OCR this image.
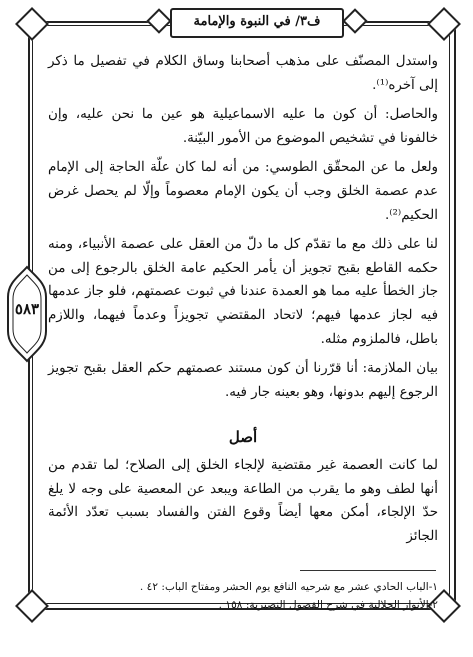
ف٣/ في النبوة والإمامة
٥٨٣

واستدل المصنّف على مذهب أصحابنا وساق الكلام في تفصيل ما ذكر إلى آخره⁽¹⁾.

والحاصل: أن كون ما عليه الاسماعيلية هو عين ما نحن عليه، وإن خالفونا في تشخيص الموضوع من الأمور البيّنة.

ولعل ما عن المحقّق الطوسي: من أنه لما كان علّة الحاجة إلى الإمام عدم عصمة الخلق وجب أن يكون الإمام معصوماً وإلّا لم يحصل غرض الحكيم⁽²⁾.

لنا على ذلك مع ما تقدّم كل ما دلّ من العقل على عصمة الأنبياء، ومنه حكمه القاطع بقبح تجويز أن يأمر الحكيم عامة الخلق بالرجوع إلى من جاز الخطأ عليه مما هو العمدة عندنا في ثبوت عصمتهم، فلو جاز عدمها فيه لجاز عدمها فيهم؛ لاتحاد المقتضي تجويزاً وعدماً فيهما، واللازم باطل، فالملزوم مثله.

بيان الملازمة: أنا قرّرنا أن كون مستند عصمتهم حكم العقل بقبح تجويز الرجوع إليهم بدونها، وهو بعينه جار فيه.

أصل

لما كانت العصمة غير مقتضية لإلجاء الخلق إلى الصلاح؛ لما تقدم من أنها لطف وهو ما يقرب من الطاعة ويبعد عن المعصية على وجه لا يلغ حدّ الإلجاء، أمكن معها أيضاً وقوع الفتن والفساد بسبب تعدّد الأئمة الجائز

١-الباب الحادي عشر مع شرحيه النافع يوم الحشر ومفتاح الباب: ٤٢ .

٢-الأنوار الجلالية في شرح الفصول النصيرية: ١٥٨ .
